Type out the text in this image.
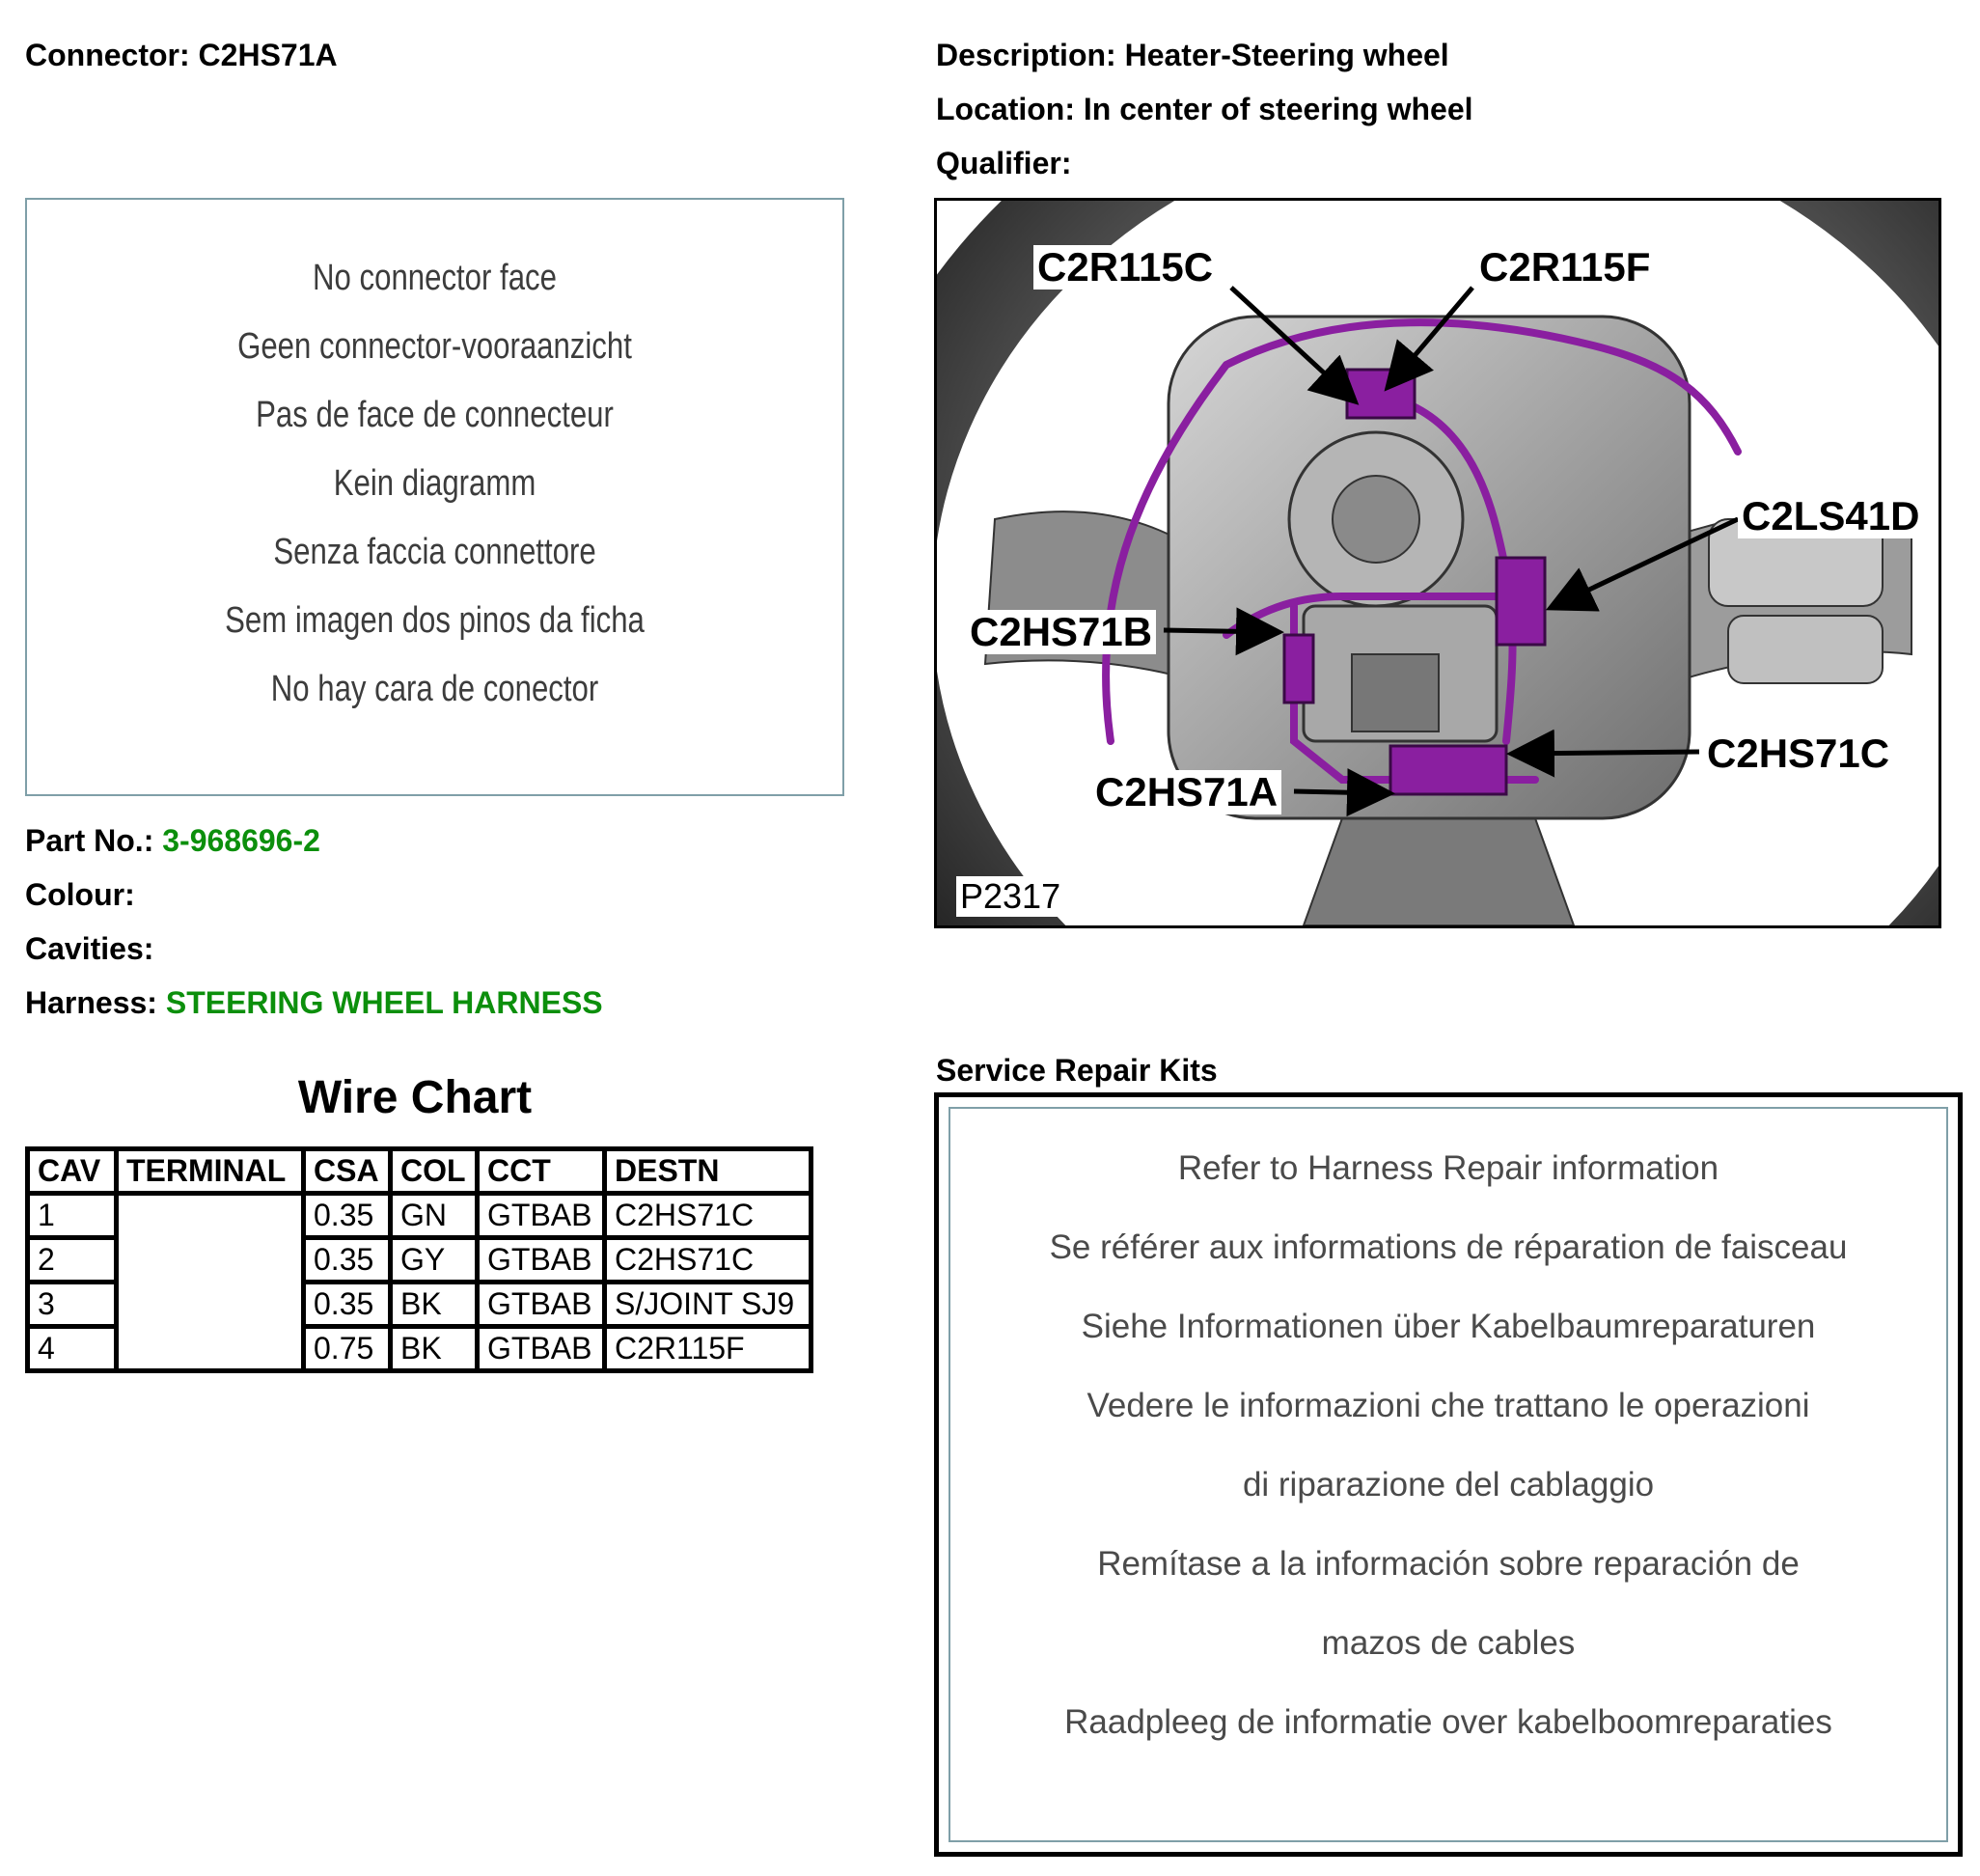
Connector: C2HS71A	Description: Heater-Steering wheel
Location: In center of steering wheel
Qualifier:
No connector face
Geen connector-vooraanzicht
Pas de face de connecteur
Kein diagramm
Senza faccia connettore
Sem imagen dos pinos da ficha
No hay cara de conector
Part No.: 3-968696-2
Colour:
Cavities:
Harness: STEERING WHEEL HARNESS
Wire Chart
CAV	TERMINAL	CSA	COL	CCT	DESTN
1		0.35	GN	GTBAB	C2HS71C
2		0.35	GY	GTBAB	C2HS71C
3		0.35	BK	GTBAB	S/JOINT SJ9
4		0.75	BK	GTBAB	C2R115F
C2R115C	C2R115F
C2LS41D
C2HS71B
C2HS71C
C2HS71A
P2317
Service Repair Kits
Refer to Harness Repair information
Se référer aux informations de réparation de faisceau
Siehe Informationen über Kabelbaumreparaturen
Vedere le informazioni che trattano le operazioni
di riparazione del cablaggio
Remítase a la información sobre reparación de
mazos de cables
Raadpleeg de informatie over kabelboomreparaties
